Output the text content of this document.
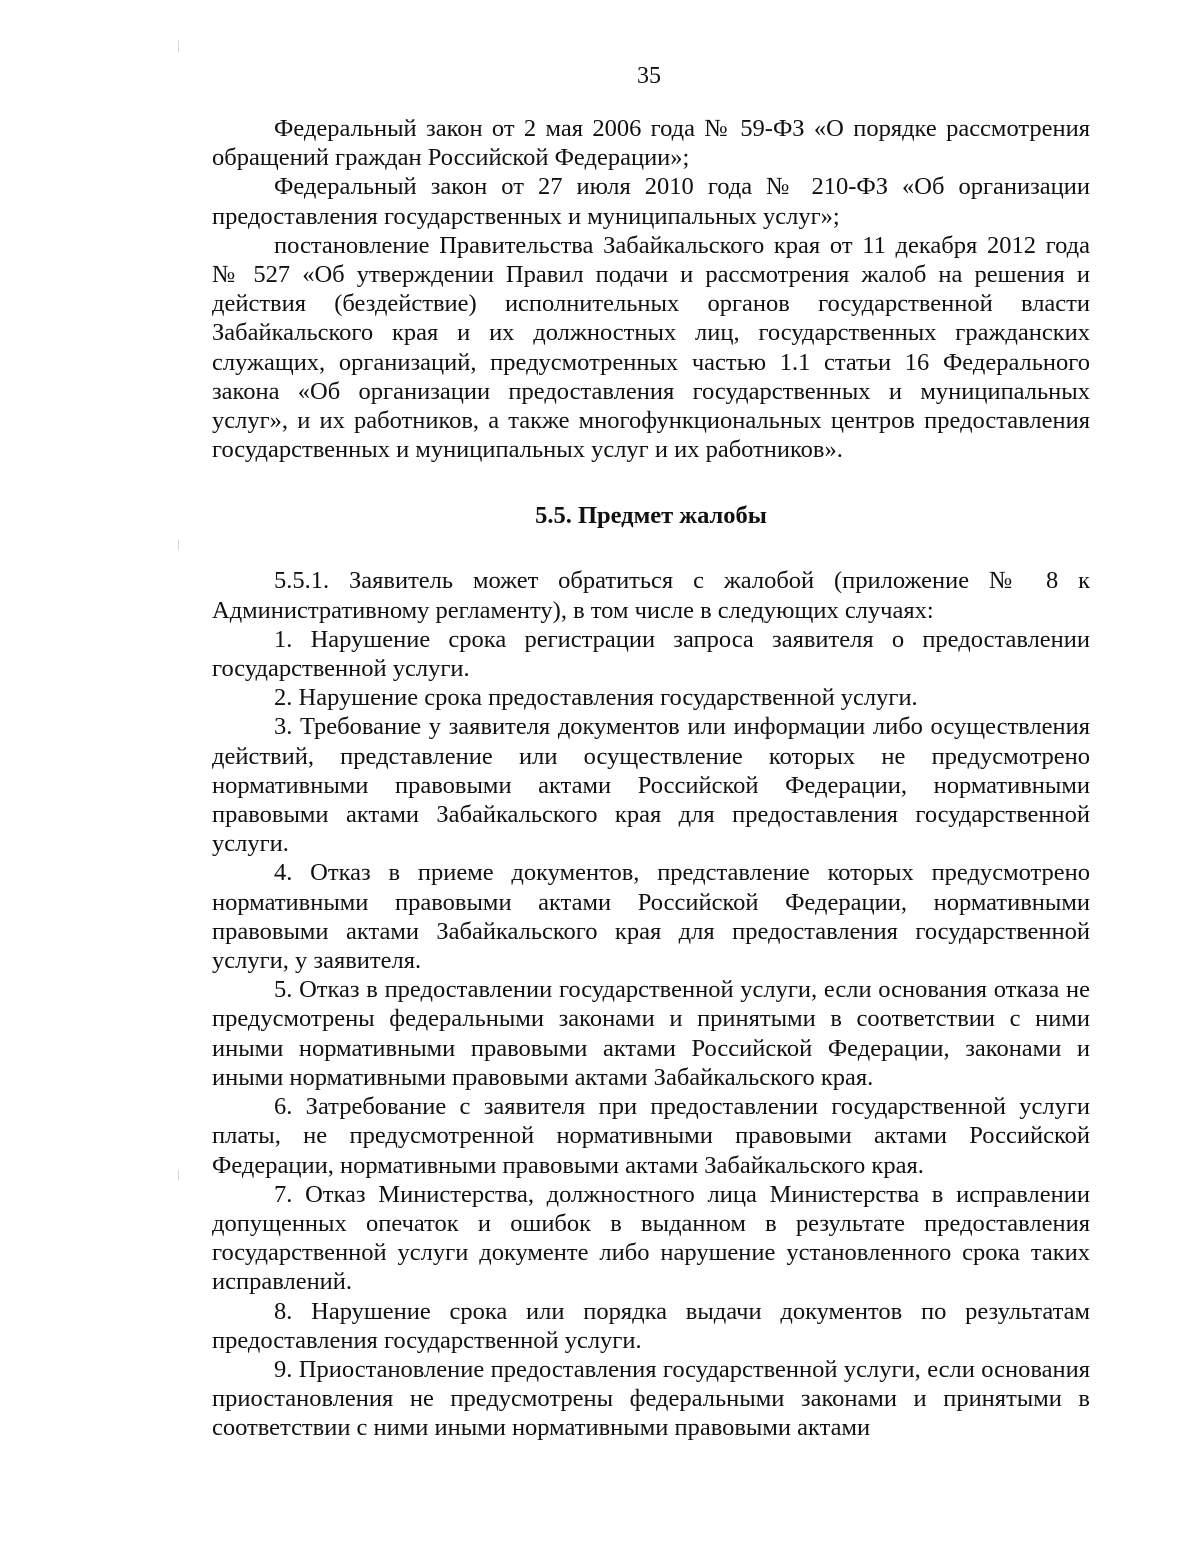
35

Федеральный закон от 2 мая 2006 года № 59-ФЗ «О порядке рассмотрения обращений граждан Российской Федерации»;

Федеральный закон от 27 июля 2010 года № 210-ФЗ «Об организации предоставления государственных и муниципальных услуг»;

постановление Правительства Забайкальского края от 11 декабря 2012 года № 527 «Об утверждении Правил подачи и рассмотрения жалоб на решения и действия (бездействие) исполнительных органов государственной власти Забайкальского края и их должностных лиц, государственных гражданских служащих, организаций, предусмотренных частью 1.1 статьи 16 Федерального закона «Об организации предоставления государственных и муниципальных услуг», и их работников, а также многофункциональных центров предоставления государственных и муниципальных услуг и их работников».

5.5. Предмет жалобы

5.5.1. Заявитель может обратиться с жалобой (приложение № 8 к Административному регламенту), в том числе в следующих случаях:

1. Нарушение срока регистрации запроса заявителя о предоставлении государственной услуги.

2. Нарушение срока предоставления государственной услуги.

3. Требование у заявителя документов или информации либо осуществления действий, представление или осуществление которых не предусмотрено нормативными правовыми актами Российской Федерации, нормативными правовыми актами Забайкальского края для предоставления государственной услуги.

4. Отказ в приеме документов, представление которых предусмотрено нормативными правовыми актами Российской Федерации, нормативными правовыми актами Забайкальского края для предоставления государственной услуги, у заявителя.

5. Отказ в предоставлении государственной услуги, если основания отказа не предусмотрены федеральными законами и принятыми в соответствии с ними иными нормативными правовыми актами Российской Федерации, законами и иными нормативными правовыми актами Забайкальского края.

6. Затребование с заявителя при предоставлении государственной услуги платы, не предусмотренной нормативными правовыми актами Российской Федерации, нормативными правовыми актами Забайкальского края.

7. Отказ Министерства, должностного лица Министерства в исправлении допущенных опечаток и ошибок в выданном в результате предоставления государственной услуги документе либо нарушение установленного срока таких исправлений.

8. Нарушение срока или порядка выдачи документов по результатам предоставления государственной услуги.

9. Приостановление предоставления государственной услуги, если основания приостановления не предусмотрены федеральными законами и принятыми в соответствии с ними иными нормативными правовыми актами
